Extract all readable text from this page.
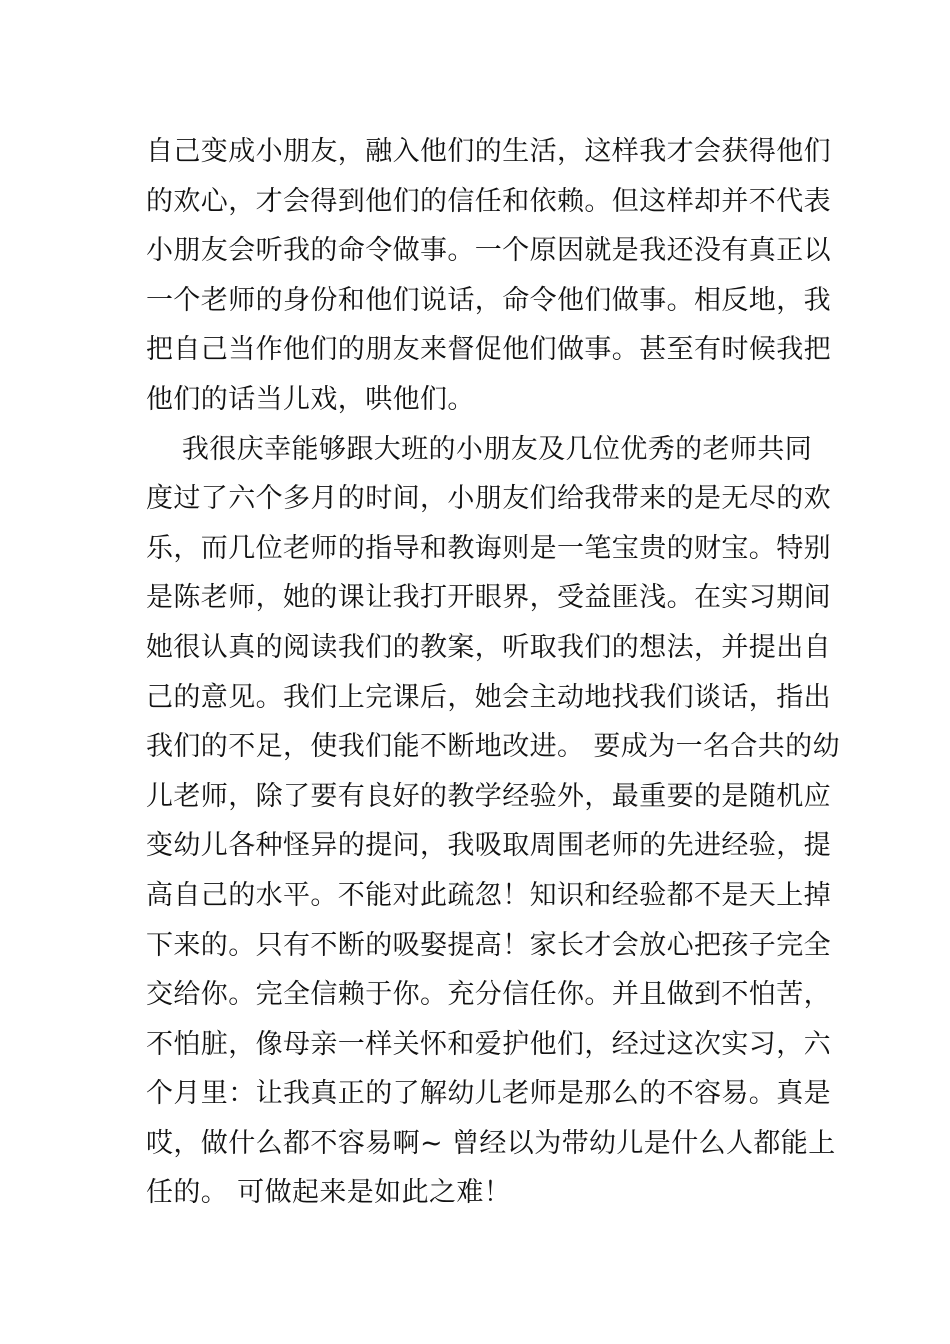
自己变成小朋友，融入他们的生活，这样我才会获得他们
的欢心，才会得到他们的信任和依赖。但这样却并不代表
小朋友会听我的命令做事。一个原因就是我还没有真正以
一个老师的身份和他们说话，命令他们做事。相反地，我
把自己当作他们的朋友来督促他们做事。甚至有时候我把
他们的话当儿戏，哄他们。
我很庆幸能够跟大班的小朋友及几位优秀的老师共同
度过了六个多月的时间，小朋友们给我带来的是无尽的欢
乐，而几位老师的指导和教诲则是一笔宝贵的财宝。特别
是陈老师，她的课让我打开眼界，受益匪浅。在实习期间
她很认真的阅读我们的教案，听取我们的想法，并提出自
己的意见。我们上完课后，她会主动地找我们谈话，指出
我们的不足，使我们能不断地改进。 要成为一名合共的幼
儿老师，除了要有良好的教学经验外，最重要的是随机应
变幼儿各种怪异的提问，我吸取周围老师的先进经验，提
高自己的水平。不能对此疏忽！知识和经验都不是天上掉
下来的。只有不断的吸娶提高！家长才会放心把孩子完全
交给你。完全信赖于你。充分信任你。并且做到不怕苦，
不怕脏，像母亲一样关怀和爱护他们，经过这次实习，六
个月里：让我真正的了解幼儿老师是那么的不容易。真是
哎，做什么都不容易啊~ 曾经以为带幼儿是什么人都能上
任的。 可做起来是如此之难！
